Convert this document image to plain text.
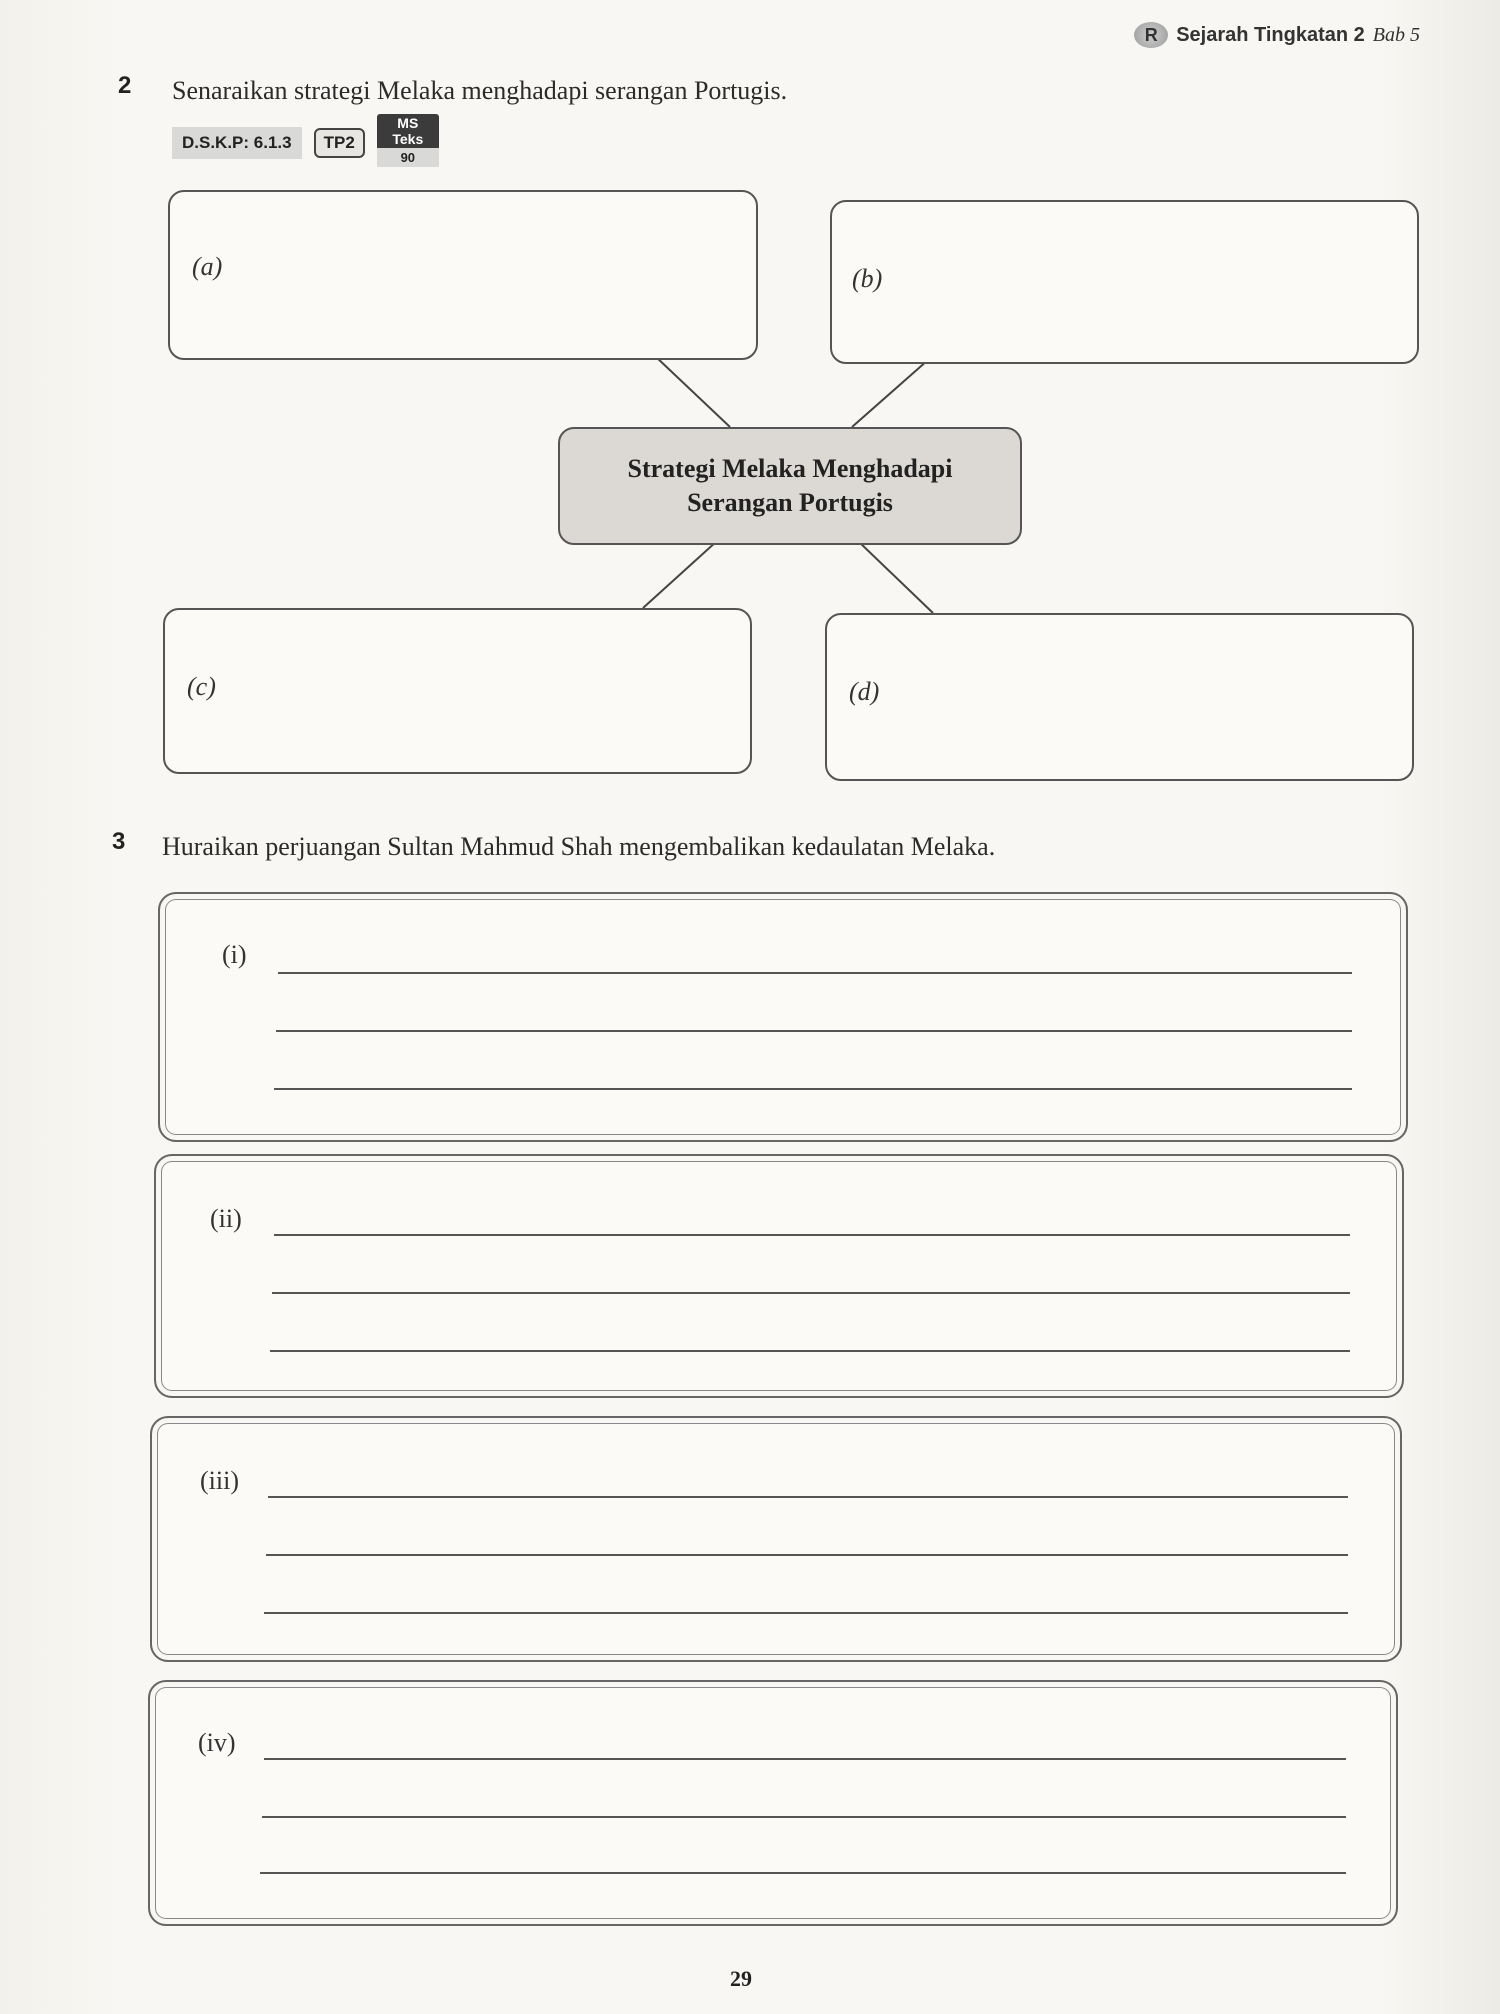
R Sejarah Tingkatan 2 Bab 5
2 Senaraikan strategi Melaka menghadapi serangan Portugis.
D.S.K.P: 6.1.3	TP2
MS Teks
90
(a)	(b)
Strategi Melaka Menghadapi
Serangan Portugis
(c)	(d)
3 Huraikan perjuangan Sultan Mahmud Shah mengembalikan kedaulatan Melaka.
(i)
(ii)
(iii)
(iv)
29
